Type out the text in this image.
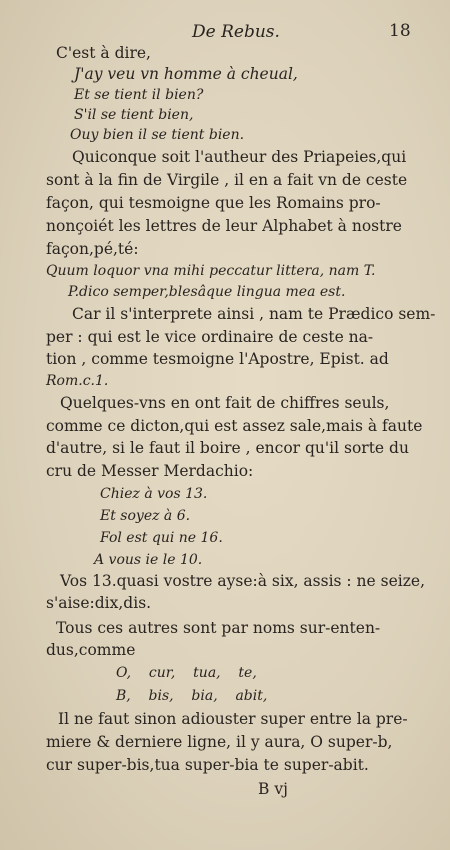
De Rebus.	18
C'est à dire,
J'ay veu vn homme à cheual,
Et se tient il bien?
S'il se tient bien,
Ouy bien il se tient bien.
Quiconque soit l'autheur des Priapeies,qui
sont à la fin de Virgile , il en a fait vn de ceste
façon, qui tesmoigne que les Romains pro-
nonçoiét les lettres de leur Alphabet à nostre
façon,pé,té:
Quum loquor vna mihi peccatur littera, nam T.
P.dico semper,blesâque lingua mea est.
Car il s'interprete ainsi , nam te Prædico sem-
per : qui est le vice ordinaire de ceste na-
tion , comme tesmoigne l'Apostre, Epist. ad
Rom.c.1.
Quelques-vns en ont fait de chiffres seuls,
comme ce dicton,qui est assez sale,mais à faute
d'autre, si le faut il boire , encor qu'il sorte du
cru de Messer Merdachio:
Chiez à vos 13.
Et soyez à 6.
Fol est qui ne 16.
A vous ie le 10.
Vos 13.quasi vostre ayse:à six, assis : ne seize,
s'aise:dix,dis.
Tous ces autres sont par noms sur-enten-
dus,comme
O,    cur,    tua,    te,
B,    bis,    bia,    abit,
Il ne faut sinon adiouster super entre la pre-
miere & derniere ligne, il y aura, O super-b,
cur super-bis,tua super-bia te super-abit.
B vj
